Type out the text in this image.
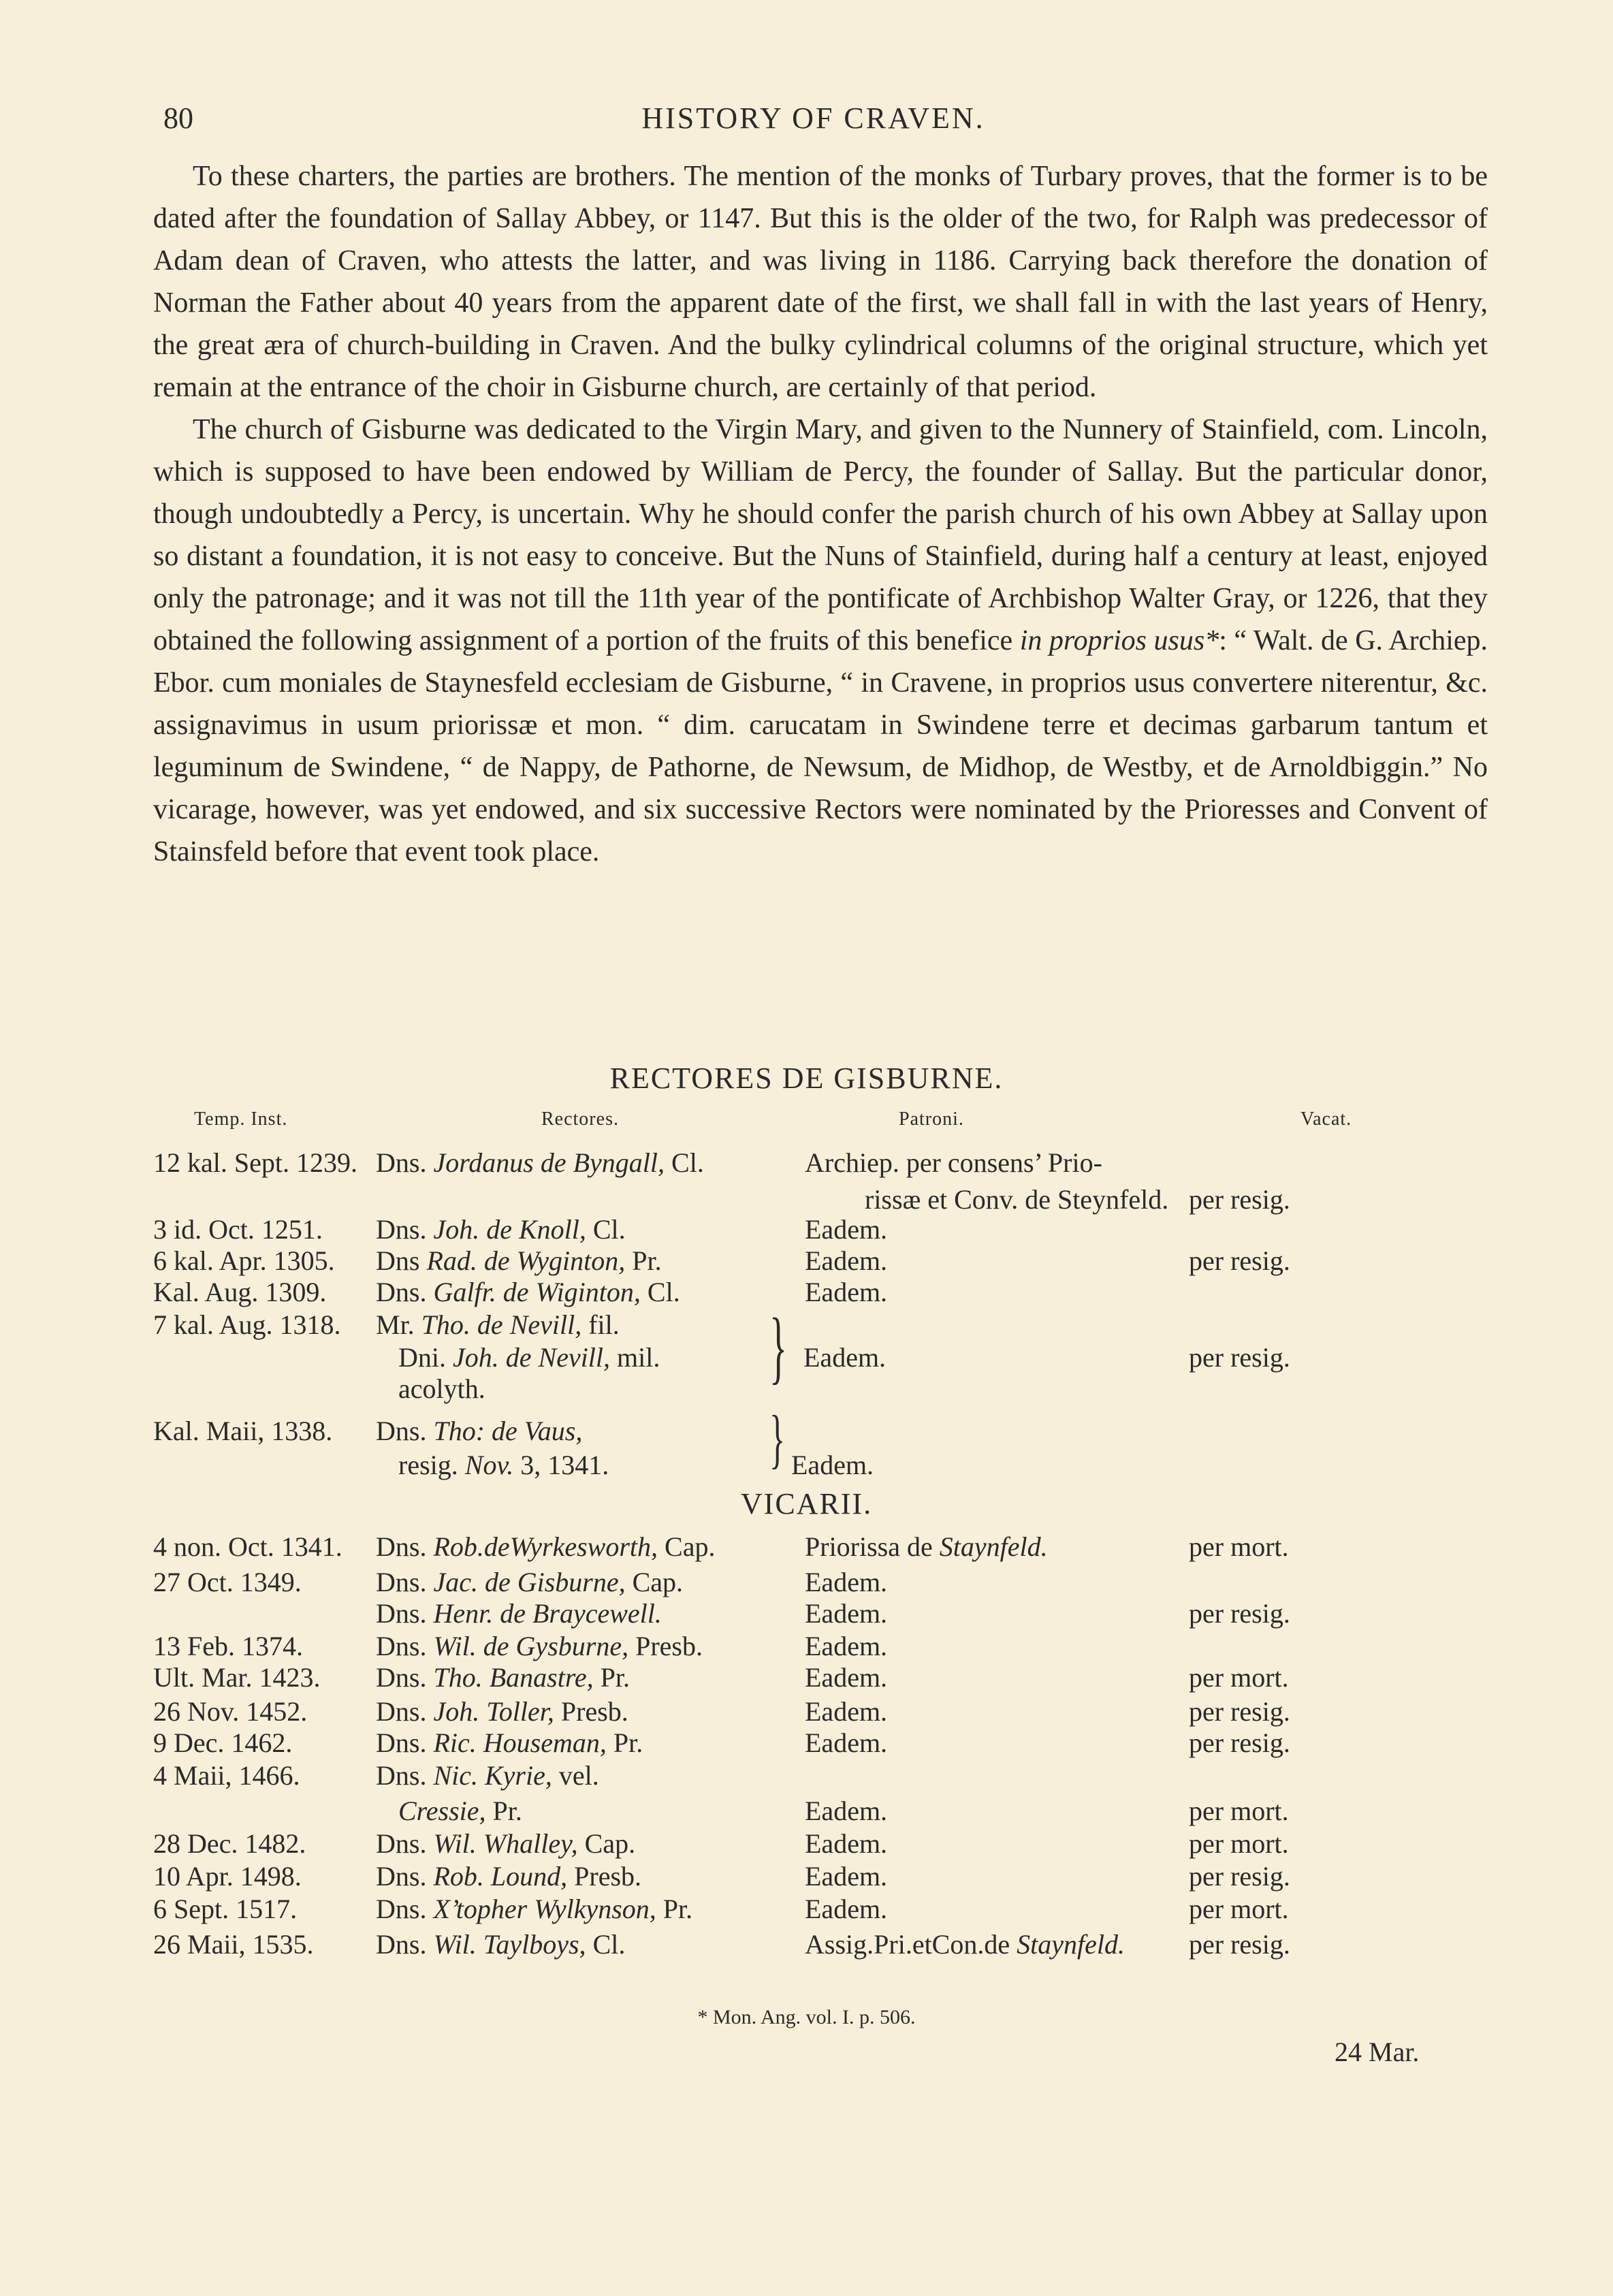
80	HISTORY OF CRAVEN.

To these charters, the parties are brothers. The mention of the monks of Turbary proves, that the former is to be dated after the foundation of Sallay Abbey, or 1147. But this is the older of the two, for Ralph was predecessor of Adam dean of Craven, who attests the latter, and was living in 1186. Carrying back therefore the donation of Norman the Father about 40 years from the apparent date of the first, we shall fall in with the last years of Henry, the great æra of church-building in Craven. And the bulky cylindrical columns of the original structure, which yet remain at the entrance of the choir in Gisburne church, are certainly of that period.

The church of Gisburne was dedicated to the Virgin Mary, and given to the Nunnery of Stainfield, com. Lincoln, which is supposed to have been endowed by William de Percy, the founder of Sallay. But the particular donor, though undoubtedly a Percy, is uncertain. Why he should confer the parish church of his own Abbey at Sallay upon so distant a foundation, it is not easy to conceive. But the Nuns of Stainfield, during half a century at least, enjoyed only the patronage; and it was not till the 11th year of the pontificate of Archbishop Walter Gray, or 1226, that they obtained the following assignment of a portion of the fruits of this benefice in proprios usus*: “ Walt. de G. Archiep. Ebor. cum moniales de Staynesfeld ecclesiam de Gisburne, “ in Cravene, in proprios usus convertere niterentur, &c. assignavimus in usum priorissæ et mon. “ dim. carucatam in Swindene terre et decimas garbarum tantum et leguminum de Swindene, “ de Nappy, de Pathorne, de Newsum, de Midhop, de Westby, et de Arnoldbiggin.” No vicarage, however, was yet endowed, and six successive Rectors were nominated by the Prioresses and Convent of Stainsfeld before that event took place.

RECTORES DE GISBURNE.
Temp. Inst.	Rectores.	Patroni.	Vacat.
12 kal. Sept. 1239. Dns. Jordanus de Byngall, Cl.	Archiep. per consens’ Prio-
rissæ et Conv. de Steynfeld. per resig.
3 id. Oct. 1251. Dns. Joh. de Knoll, Cl.	Eadem.
6 kal. Apr. 1305. Dns Rad. de Wyginton, Pr.	Eadem.	per resig.
Kal. Aug. 1309. Dns. Galfr. de Wiginton, Cl.	Eadem.
7 kal. Aug. 1318. Mr. Tho. de Nevill, fil.
Dni. Joh. de Nevill, mil.	Eadem.	per resig.
acolyth.
Kal. Maii, 1338. Dns. Tho: de Vaus,
resig. Nov. 3, 1341.	Eadem.
}
}
VICARII.
4 non. Oct. 1341. Dns. Rob.deWyrkesworth, Cap.	Priorissa de Staynfeld.	per mort.
27 Oct. 1349.	Dns. Jac. de Gisburne, Cap.	Eadem.
Dns. Henr. de Braycewell.	Eadem.	per resig.
13 Feb. 1374.	Dns. Wil. de Gysburne, Presb.	Eadem.
Ult. Mar. 1423. Dns. Tho. Banastre, Pr.	Eadem.	per mort.
26 Nov. 1452.	Dns. Joh. Toller, Presb.	Eadem.	per resig.
9 Dec. 1462.	Dns. Ric. Houseman, Pr.	Eadem.	per resig.
4 Maii, 1466.	Dns. Nic. Kyrie, vel.
Cressie, Pr.	Eadem.	per mort.
28 Dec. 1482.	Dns. Wil. Whalley, Cap.	Eadem.	per mort.
10 Apr. 1498.	Dns. Rob. Lound, Presb.	Eadem.	per resig.
6 Sept. 1517.	Dns. X’topher Wylkynson, Pr.	Eadem.	per mort.
26 Maii, 1535. Dns. Wil. Taylboys, Cl.	Assig.Pri.etCon.de Staynfeld. per resig.
* Mon. Ang. vol. I. p. 506.
24 Mar.
